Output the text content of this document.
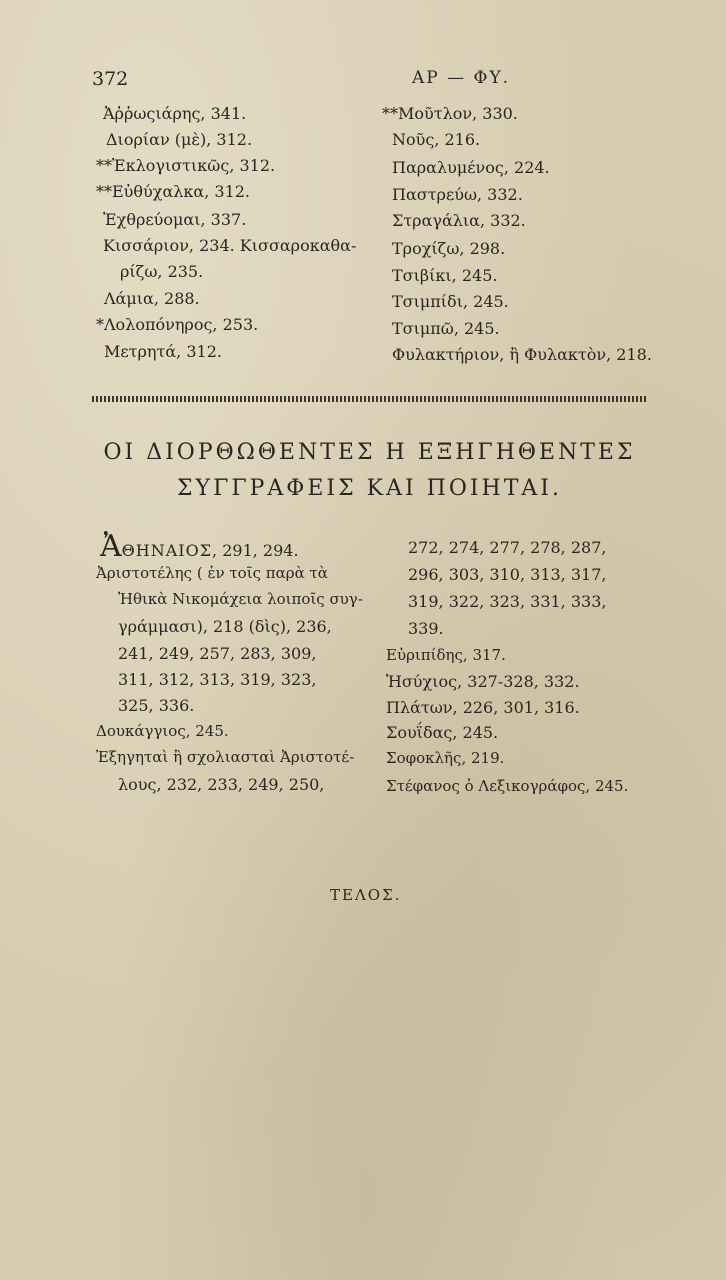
372	ΑΡ — ΦΥ.
Ἀῤῥωςιάρης, 341.
Διορίαν (μὲ), 312.
**Ἐκλογιστικῶς, 312.
**Εὐθύχαλκα, 312.
Ἐχθρεύομαι, 337.
Κισσάριον, 234. Κισσαροκαθα-
ρίζω, 235.
Λάμια, 288.
*Λολοπόνηρος, 253.
Μετρητά, 312.
**Μοῦτλον, 330.
Νοῦς, 216.
Παραλυμένος, 224.
Παστρεύω, 332.
Στραγάλια, 332.
Τροχίζω, 298.
Τσιβίκι, 245.
Τσιμπίδι, 245.
Τσιμπῶ, 245.
Φυλακτήριον, ἢ Φυλακτὸν, 218.
ΟΙ ΔΙΟΡΘΩΘΕΝΤΕΣ Η ΕΞΗΓΗΘΕΝΤΕΣ
ΣΥΓΓΡΑΦΕΙΣ ΚΑΙ ΠΟΙΗΤΑΙ.
ἈΘΗΝΑΙΟΣ, 291, 294.
Ἀριστοτέλης ( ἐν τοῖς παρὰ τὰ
Ἠθικὰ Νικομάχεια λοιποῖς συγ-
γράμμασι), 218 (δὶς), 236,
241, 249, 257, 283, 309,
311, 312, 313, 319, 323,
325, 336.
Δουκάγγιος, 245.
Ἐξηγηταὶ ἢ σχολιασταὶ Ἀριστοτέ-
λους, 232, 233, 249, 250,
272, 274, 277, 278, 287,
296, 303, 310, 313, 317,
319, 322, 323, 331, 333,
339.
Εὐριπίδης, 317.
Ἡσύχιος, 327-328, 332.
Πλάτων, 226, 301, 316.
Σουΐδας, 245.
Σοφοκλῆς, 219.
Στέφανος ὁ Λεξικογράφος, 245.
ΤΕΛΟΣ.
